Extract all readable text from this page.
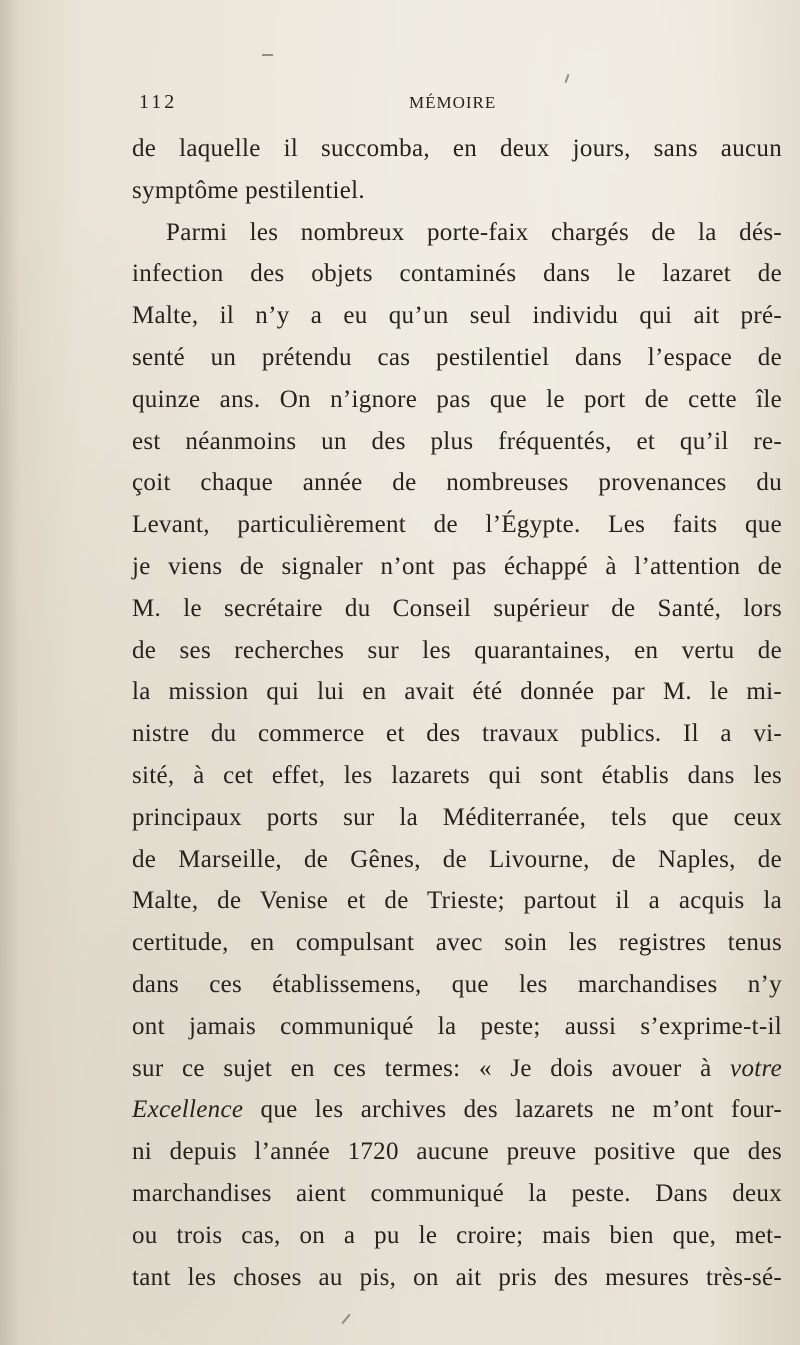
112	MÉMOIRE
de laquelle il succomba, en deux jours, sans aucun
symptôme pestilentiel.
Parmi les nombreux porte-faix chargés de la dés-
infection des objets contaminés dans le lazaret de
Malte, il n’y a eu qu’un seul individu qui ait pré-
senté un prétendu cas pestilentiel dans l’espace de
quinze ans. On n’ignore pas que le port de cette île
est néanmoins un des plus fréquentés, et qu’il re-
çoit chaque année de nombreuses provenances du
Levant, particulièrement de l’Égypte. Les faits que
je viens de signaler n’ont pas échappé à l’attention de
M. le secrétaire du Conseil supérieur de Santé, lors
de ses recherches sur les quarantaines, en vertu de
la mission qui lui en avait été donnée par M. le mi-
nistre du commerce et des travaux publics. Il a vi-
sité, à cet effet, les lazarets qui sont établis dans les
principaux ports sur la Méditerranée, tels que ceux
de Marseille, de Gênes, de Livourne, de Naples, de
Malte, de Venise et de Trieste; partout il a acquis la
certitude, en compulsant avec soin les registres tenus
dans ces établissemens, que les marchandises n’y
ont jamais communiqué la peste; aussi s’exprime-t-il
sur ce sujet en ces termes: « Je dois avouer à votre
Excellence que les archives des lazarets ne m’ont four-
ni depuis l’année 1720 aucune preuve positive que des
marchandises aient communiqué la peste. Dans deux
ou trois cas, on a pu le croire; mais bien que, met-
tant les choses au pis, on ait pris des mesures très-sé-
